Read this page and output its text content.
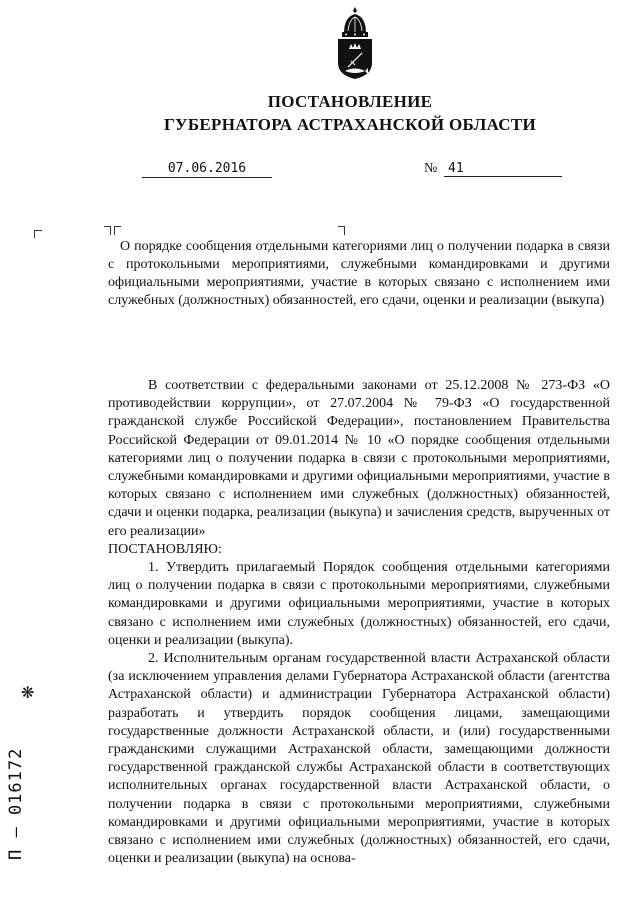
ПОСТАНОВЛЕНИЕ
ГУБЕРНАТОРА АСТРАХАНСКОЙ ОБЛАСТИ
07.06.2016	№ 41

О порядке сообщения отдельными категориями лиц о получении подарка в связи с протокольными мероприятиями, служебными командировками и другими официальными мероприятиями, участие в которых связано с исполнением ими служебных (должностных) обязанностей, его сдачи, оценки и реализации (выкупа)

В соответствии с федеральными законами от 25.12.2008 № 273-ФЗ «О противодействии коррупции», от 27.07.2004 № 79-ФЗ «О государственной гражданской службе Российской Федерации», постановлением Правительства Российской Федерации от 09.01.2014 № 10 «О порядке сообщения отдельными категориями лиц о получении подарка в связи с протокольными мероприятиями, служебными командировками и другими официальными мероприятиями, участие в которых связано с исполнением ими служебных (должностных) обязанностей, сдачи и оценки подарка, реализации (выкупа) и зачисления средств, вырученных от его реализации»

ПОСТАНОВЛЯЮ:

1. Утвердить прилагаемый Порядок сообщения отдельными категориями лиц о получении подарка в связи с протокольными мероприятиями, служебными командировками и другими официальными мероприятиями, участие в которых связано с исполнением ими служебных (должностных) обязанностей, его сдачи, оценки и реализации (выкупа).

2. Исполнительным органам государственной власти Астраханской области (за исключением управления делами Губернатора Астраханской области (агентства Астраханской области) и администрации Губернатора Астраханской области) разработать и утвердить порядок сообщения лицами, замещающими государственные должности Астраханской области, и (или) государственными гражданскими служащими Астраханской области, замещающими должности государственной гражданской службы Астраханской области в соответствующих исполнительных органах государственной власти Астраханской области, о получении подарка в связи с протокольными мероприятиями, служебными командировками и другими официальными мероприятиями, участие в которых связано с исполнением ими служебных (должностных) обязанностей, его сдачи, оценки и реализации (выкупа) на основа-

П – 016172
❋
